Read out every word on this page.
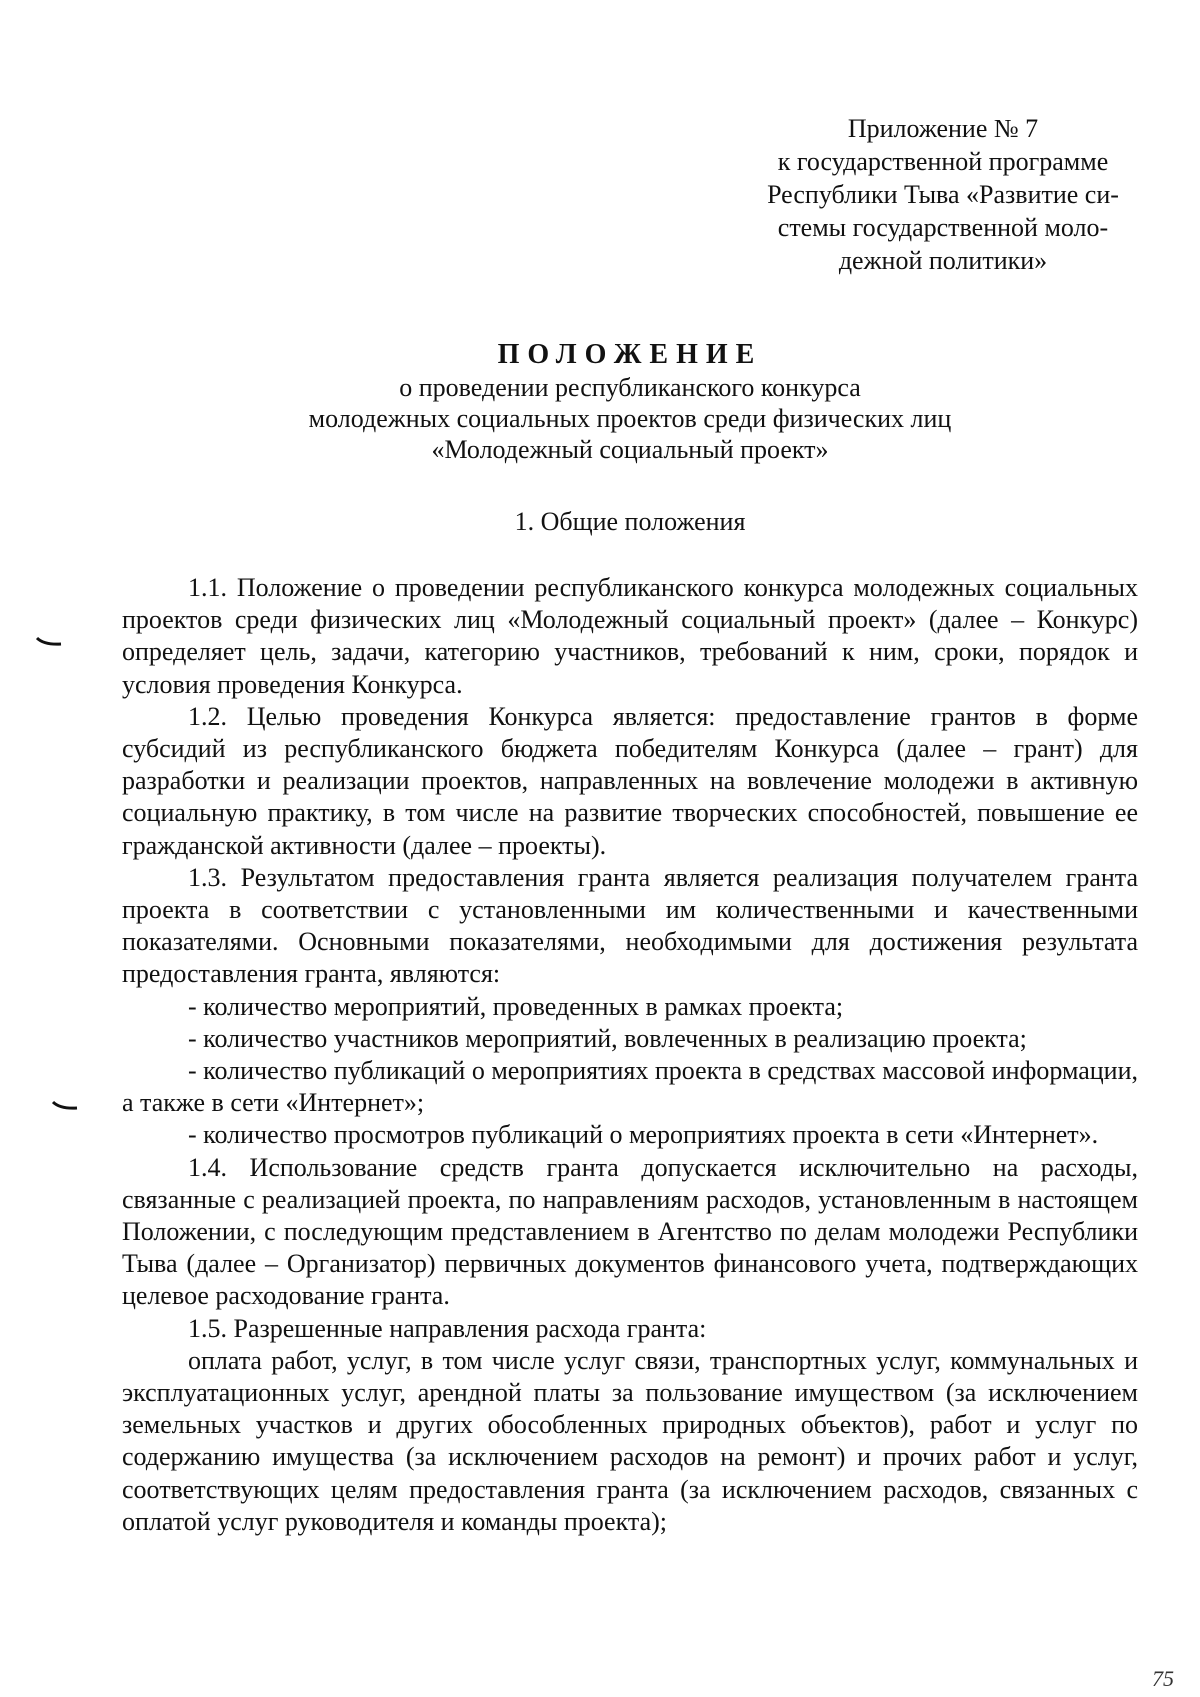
Приложение № 7
к государственной программе
Республики Тыва «Развитие си-
стемы государственной моло-
дежной политики»

ПОЛОЖЕНИЕ

о проведении республиканского конкурса

молодежных социальных проектов среди физических лиц

«Молодежный социальный проект»

1. Общие положения

1.1. Положение о проведении республиканского конкурса молодежных социальных проектов среди физических лиц «Молодежный социальный проект» (далее – Конкурс) определяет цель, задачи, категорию участников, требований к ним, сроки, порядок и условия проведения Конкурса.

1.2. Целью проведения Конкурса является: предоставление грантов в форме субсидий из республиканского бюджета победителям Конкурса (далее – грант) для разработки и реализации проектов, направленных на вовлечение молодежи в активную социальную практику, в том числе на развитие творческих способностей, повышение ее гражданской активности (далее – проекты).

1.3. Результатом предоставления гранта является реализация получателем гранта проекта в соответствии с установленными им количественными и качественными показателями. Основными показателями, необходимыми для достижения результата предоставления гранта, являются:

- количество мероприятий, проведенных в рамках проекта;

- количество участников мероприятий, вовлеченных в реализацию проекта;

- количество публикаций о мероприятиях проекта в средствах массовой информации, а также в сети «Интернет»;

- количество просмотров публикаций о мероприятиях проекта в сети «Интернет».

1.4. Использование средств гранта допускается исключительно на расходы, связанные с реализацией проекта, по направлениям расходов, установленным в настоящем Положении, с последующим представлением в Агентство по делам молодежи Республики Тыва (далее – Организатор) первичных документов финансового учета, подтверждающих целевое расходование гранта.

1.5. Разрешенные направления расхода гранта:

оплата работ, услуг, в том числе услуг связи, транспортных услуг, коммунальных и эксплуатационных услуг, арендной платы за пользование имуществом (за исключением земельных участков и других обособленных природных объектов), работ и услуг по содержанию имущества (за исключением расходов на ремонт) и прочих работ и услуг, соответствующих целям предоставления гранта (за исключением расходов, связанных с оплатой услуг руководителя и команды проекта);

75
